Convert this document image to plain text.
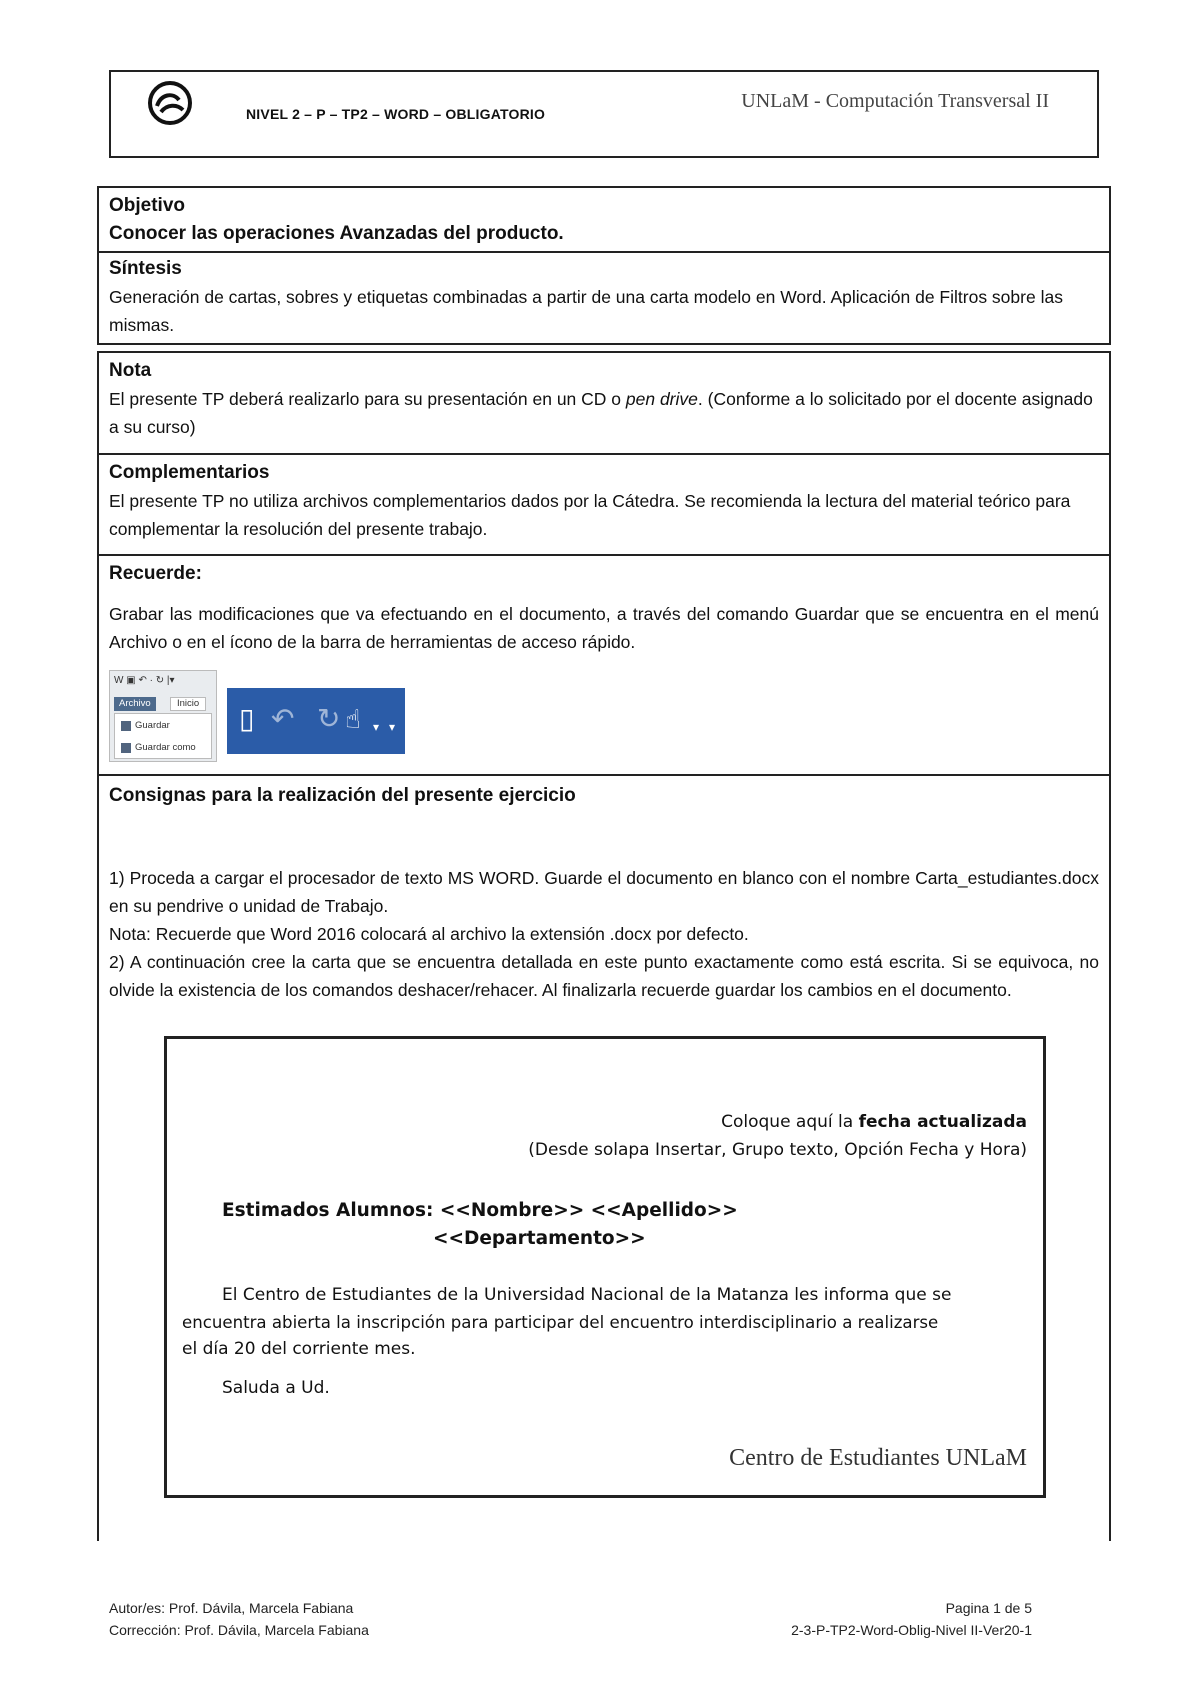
NIVEL 2 – P – TP2 – WORD – OBLIGATORIO
UNLaM - Computación Transversal II
Objetivo
Conocer las operaciones Avanzadas del producto.
Síntesis
Generación de cartas, sobres y etiquetas combinadas a partir de una carta modelo en Word. Aplicación de Filtros sobre las mismas.
Nota
El presente TP deberá realizarlo para su presentación en un CD o pen drive. (Conforme a lo solicitado por el docente asignado a su curso)
Complementarios
El presente TP no utiliza archivos complementarios dados por la Cátedra. Se recomienda la lectura del material teórico para complementar la resolución del presente trabajo.
Recuerde:
Grabar las modificaciones que va efectuando en el documento, a través del comando Guardar que se encuentra en el menú Archivo o en el ícono de la barra de herramientas de acceso rápido.
W ▣ ↶ · ↻ |▾
Archivo	Inicio
Guardar
Guardar como
▯ ↶ ↻ ☝ ▾ ▾
Consignas para la realización del presente ejercicio
1) Proceda a cargar el procesador de texto MS WORD. Guarde el documento en blanco con el nombre Carta_estudiantes.docx en su pendrive o unidad de Trabajo.
Nota: Recuerde que Word 2016 colocará al archivo la extensión .docx por defecto.
2) A continuación cree la carta que se encuentra detallada en este punto exactamente como está escrita. Si se equivoca, no olvide la existencia de los comandos deshacer/rehacer. Al finalizarla recuerde guardar los cambios en el documento.
Coloque aquí la fecha actualizada
(Desde solapa Insertar, Grupo texto, Opción Fecha y Hora)
Estimados Alumnos: <<Nombre>> <<Apellido>>
<<Departamento>>
El Centro de Estudiantes de la Universidad Nacional de la Matanza les informa que se
encuentra abierta la inscripción para participar del encuentro interdisciplinario a realizarse
el día 20 del corriente mes.
Saluda a Ud.
Centro de Estudiantes UNLaM
Autor/es: Prof. Dávila, Marcela Fabiana
Corrección: Prof. Dávila, Marcela Fabiana
Pagina 1 de 5
2-3-P-TP2-Word-Oblig-Nivel II-Ver20-1
